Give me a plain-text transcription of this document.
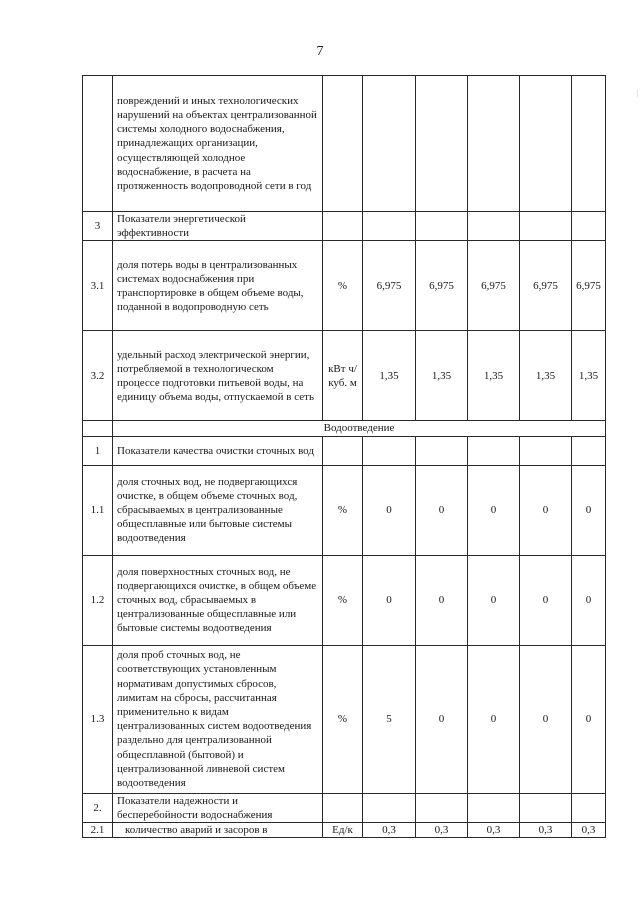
7
	повреждений и иных технологических нарушений на объектах централизованной системы холодного водоснабжения, принадлежащих организации, осуществляющей холодное водоснабжение, в расчета на протяженность водопроводной сети в год						
3	Показатели энергетической эффективности						
3.1	доля потерь воды в централизованных системах водоснабжения при транспортировке в общем объеме воды, поданной в водопроводную сеть	%	6,975	6,975	6,975	6,975	6,975
3.2	удельный расход электрической энергии, потребляемой в технологическом процессе подготовки питьевой воды, на единицу объема воды, отпускаемой в сеть	кВт ч/ куб. м	1,35	1,35	1,35	1,35	1,35
	Водоотведение						
1	Показатели качества очистки сточных вод						
1.1	доля сточных вод, не подвергающихся очистке, в общем объеме сточных вод, сбрасываемых в централизованные общесплавные или бытовые системы водоотведения	%	0	0	0	0	0
1.2	доля поверхностных сточных вод, не подвергающихся очистке, в общем объеме сточных вод, сбрасываемых в централизованные общесплавные или бытовые системы водоотведения	%	0	0	0	0	0
1.3	доля проб сточных вод, не соответствующих установленным нормативам допустимых сбросов, лимитам на сбросы, рассчитанная применительно к видам централизованных систем водоотведения раздельно для централизованной общесплавной (бытовой) и централизованной ливневой систем водоотведения	%	5	0	0	0	0
2.	Показатели надежности и бесперебойности водоснабжения						
2.1	количество аварий и засоров в	Ед/к	0,3	0,3	0,3	0,3	0,3
|
